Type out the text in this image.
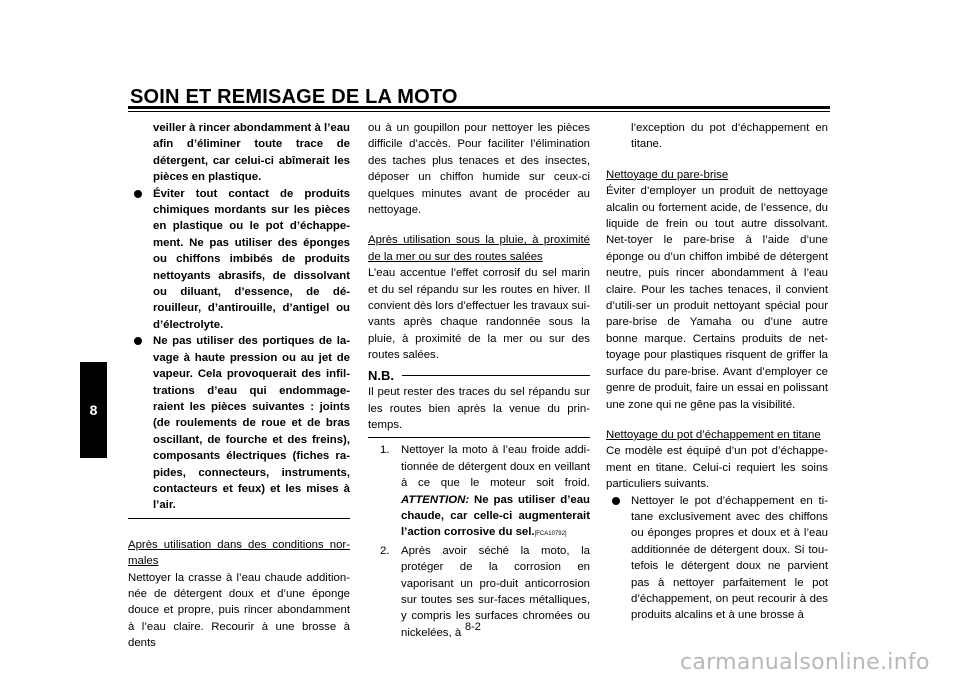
SOIN ET REMISAGE DE LA MOTO
8
veiller à rincer abondamment à l’eau afin d’éliminer toute trace de détergent, car celui-ci abîmerait les pièces en plastique.
Éviter tout contact de produits chimiques mordants sur les pièces en plastique ou le pot d’échappe-ment. Ne pas utiliser des éponges ou chiffons imbibés de produits nettoyants abrasifs, de dissolvant ou diluant, d’essence, de dé-rouilleur, d’antirouille, d’antigel ou d’électrolyte.
Ne pas utiliser des portiques de la-vage à haute pression ou au jet de vapeur. Cela provoquerait des infil-trations d’eau qui endommage-raient les pièces suivantes : joints (de roulements de roue et de bras oscillant, de fourche et des freins), composants électriques (fiches ra-pides, connecteurs, instruments, contacteurs et feux) et les mises à l’air.
Après utilisation dans des conditions nor-males
Nettoyer la crasse à l’eau chaude addition-née de détergent doux et d’une éponge douce et propre, puis rincer abondamment à l’eau claire. Recourir à une brosse à dents
ou à un goupillon pour nettoyer les pièces difficile d’accès. Pour faciliter l’élimination des taches plus tenaces et des insectes, déposer un chiffon humide sur ceux-ci quelques minutes avant de procéder au nettoyage.
Après utilisation sous la pluie, à proximité de la mer ou sur des routes salées
L’eau accentue l’effet corrosif du sel marin et du sel répandu sur les routes en hiver. Il convient dès lors d’effectuer les travaux sui-vants après chaque randonnée sous la pluie, à proximité de la mer ou sur des routes salées.
N.B.
Il peut rester des traces du sel répandu sur les routes bien après la venue du prin-temps.
1. Nettoyer la moto à l’eau froide addi-tionnée de détergent doux en veillant à ce que le moteur soit froid. ATTENTION: Ne pas utiliser d’eau chaude, car celle-ci augmenterait l’action corrosive du sel.[FCA10792]
2. Après avoir séché la moto, la protéger de la corrosion en vaporisant un pro-duit anticorrosion sur toutes ses sur-faces métalliques, y compris les surfaces chromées ou nickelées, à
l’exception du pot d’échappement en titane.
Nettoyage du pare-brise
Éviter d’employer un produit de nettoyage alcalin ou fortement acide, de l’essence, du liquide de frein ou tout autre dissolvant. Net-toyer le pare-brise à l’aide d’une éponge ou d’un chiffon imbibé de détergent neutre, puis rincer abondamment à l’eau claire. Pour les taches tenaces, il convient d’utili-ser un produit nettoyant spécial pour pare-brise de Yamaha ou d’une autre bonne marque. Certains produits de net-toyage pour plastiques risquent de griffer la surface du pare-brise. Avant d’employer ce genre de produit, faire un essai en polissant une zone qui ne gêne pas la visibilité.
Nettoyage du pot d’échappement en titane
Ce modèle est équipé d’un pot d’échappe-ment en titane. Celui-ci requiert les soins particuliers suivants.
Nettoyer le pot d’échappement en ti-tane exclusivement avec des chiffons ou éponges propres et doux et à l’eau additionnée de détergent doux. Si tou-tefois le détergent doux ne parvient pas à nettoyer parfaitement le pot d’échappement, on peut recourir à des produits alcalins et à une brosse à
8-2
carmanualsonline.info
